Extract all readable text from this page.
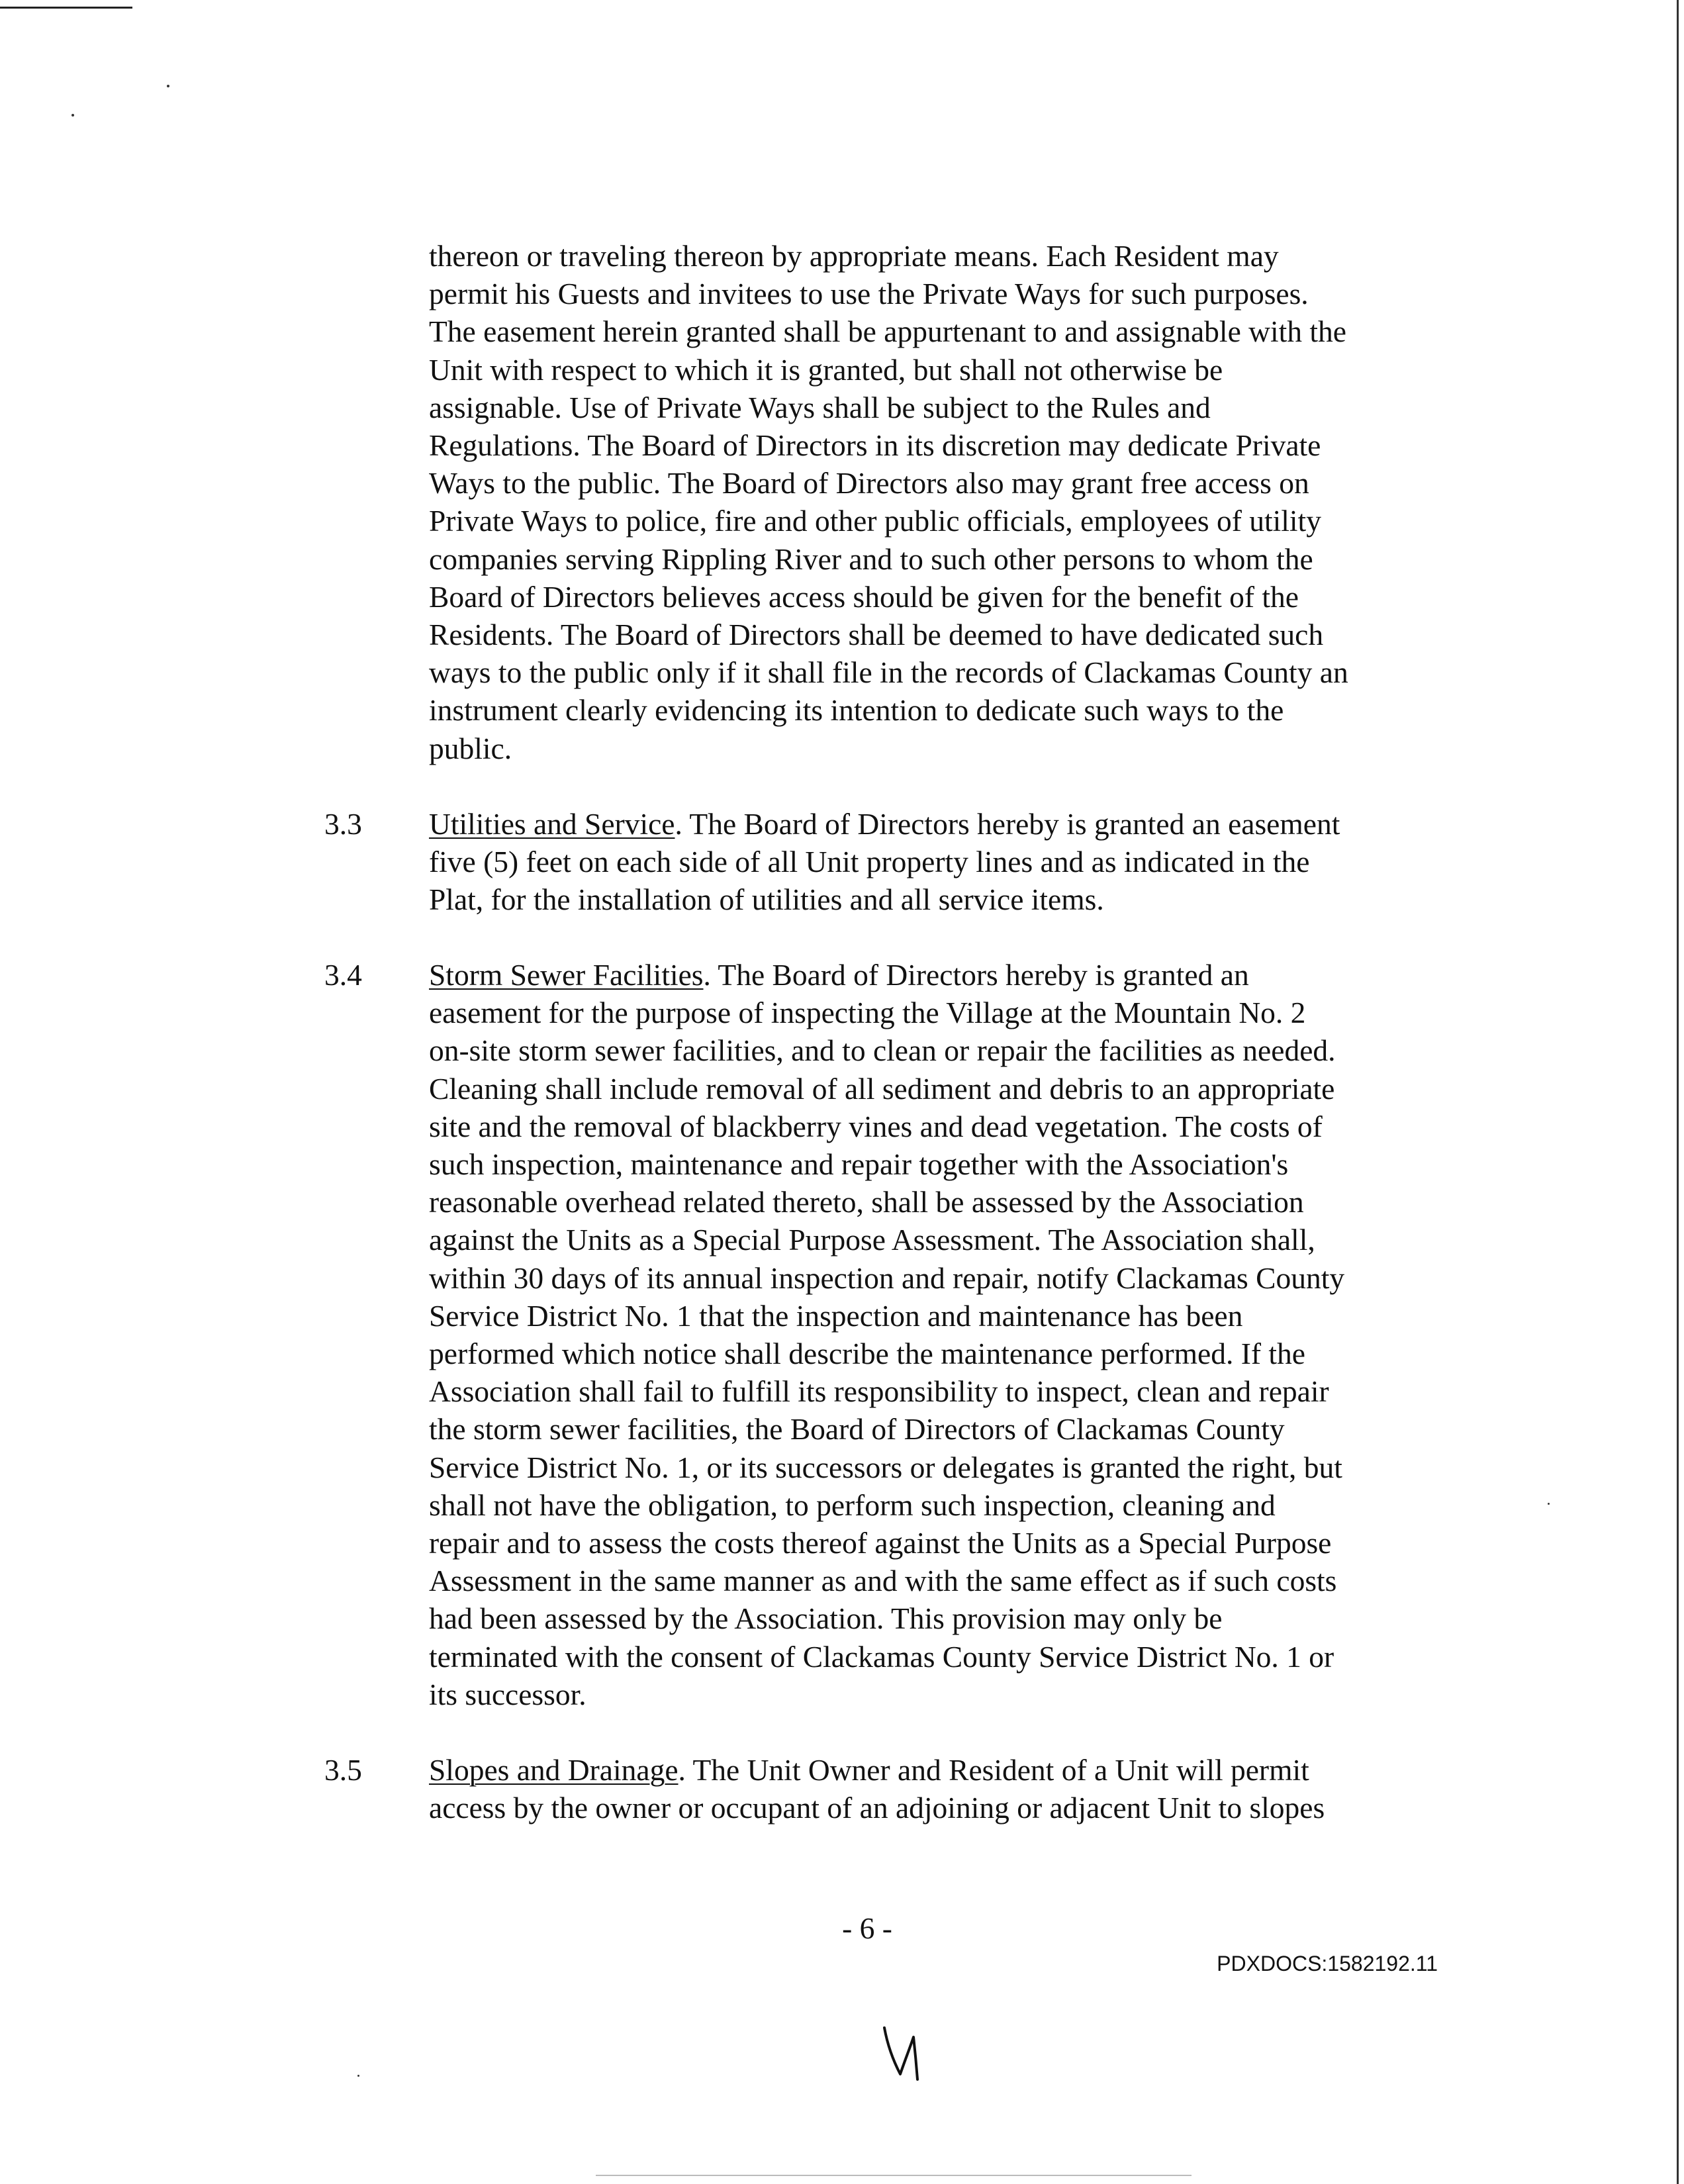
thereon or traveling thereon by appropriate means. Each Resident may
permit his Guests and invitees to use the Private Ways for such purposes.
The easement herein granted shall be appurtenant to and assignable with the
Unit with respect to which it is granted, but shall not otherwise be
assignable. Use of Private Ways shall be subject to the Rules and
Regulations. The Board of Directors in its discretion may dedicate Private
Ways to the public. The Board of Directors also may grant free access on
Private Ways to police, fire and other public officials, employees of utility
companies serving Rippling River and to such other persons to whom the
Board of Directors believes access should be given for the benefit of the
Residents. The Board of Directors shall be deemed to have dedicated such
ways to the public only if it shall file in the records of Clackamas County an
instrument clearly evidencing its intention to dedicate such ways to the
public.
3.3 Utilities and Service. The Board of Directors hereby is granted an easement
five (5) feet on each side of all Unit property lines and as indicated in the
Plat, for the installation of utilities and all service items.
3.4 Storm Sewer Facilities. The Board of Directors hereby is granted an
easement for the purpose of inspecting the Village at the Mountain No. 2
on-site storm sewer facilities, and to clean or repair the facilities as needed.
Cleaning shall include removal of all sediment and debris to an appropriate
site and the removal of blackberry vines and dead vegetation. The costs of
such inspection, maintenance and repair together with the Association's
reasonable overhead related thereto, shall be assessed by the Association
against the Units as a Special Purpose Assessment. The Association shall,
within 30 days of its annual inspection and repair, notify Clackamas County
Service District No. 1 that the inspection and maintenance has been
performed which notice shall describe the maintenance performed. If the
Association shall fail to fulfill its responsibility to inspect, clean and repair
the storm sewer facilities, the Board of Directors of Clackamas County
Service District No. 1, or its successors or delegates is granted the right, but
shall not have the obligation, to perform such inspection, cleaning and
repair and to assess the costs thereof against the Units as a Special Purpose
Assessment in the same manner as and with the same effect as if such costs
had been assessed by the Association. This provision may only be
terminated with the consent of Clackamas County Service District No. 1 or
its successor.
3.5 Slopes and Drainage. The Unit Owner and Resident of a Unit will permit
access by the owner or occupant of an adjoining or adjacent Unit to slopes
- 6 -
PDXDOCS:1582192.11
